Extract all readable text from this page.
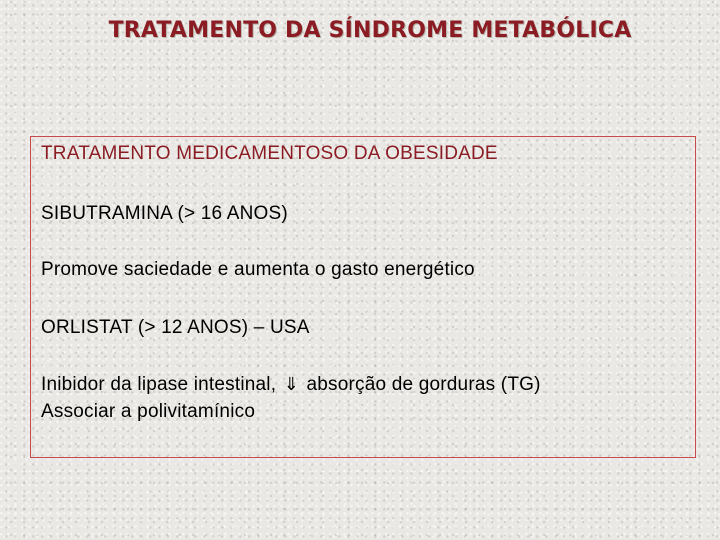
TRATAMENTO DA SÍNDROME METABÓLICA

TRATAMENTO MEDICAMENTOSO DA OBESIDADE

SIBUTRAMINA (> 16 ANOS)

Promove saciedade e aumenta o gasto energético

ORLISTAT (> 12 ANOS) – USA

Inibidor da lipase intestinal, ⇓ absorção de gorduras (TG)

Associar a polivitamínico
